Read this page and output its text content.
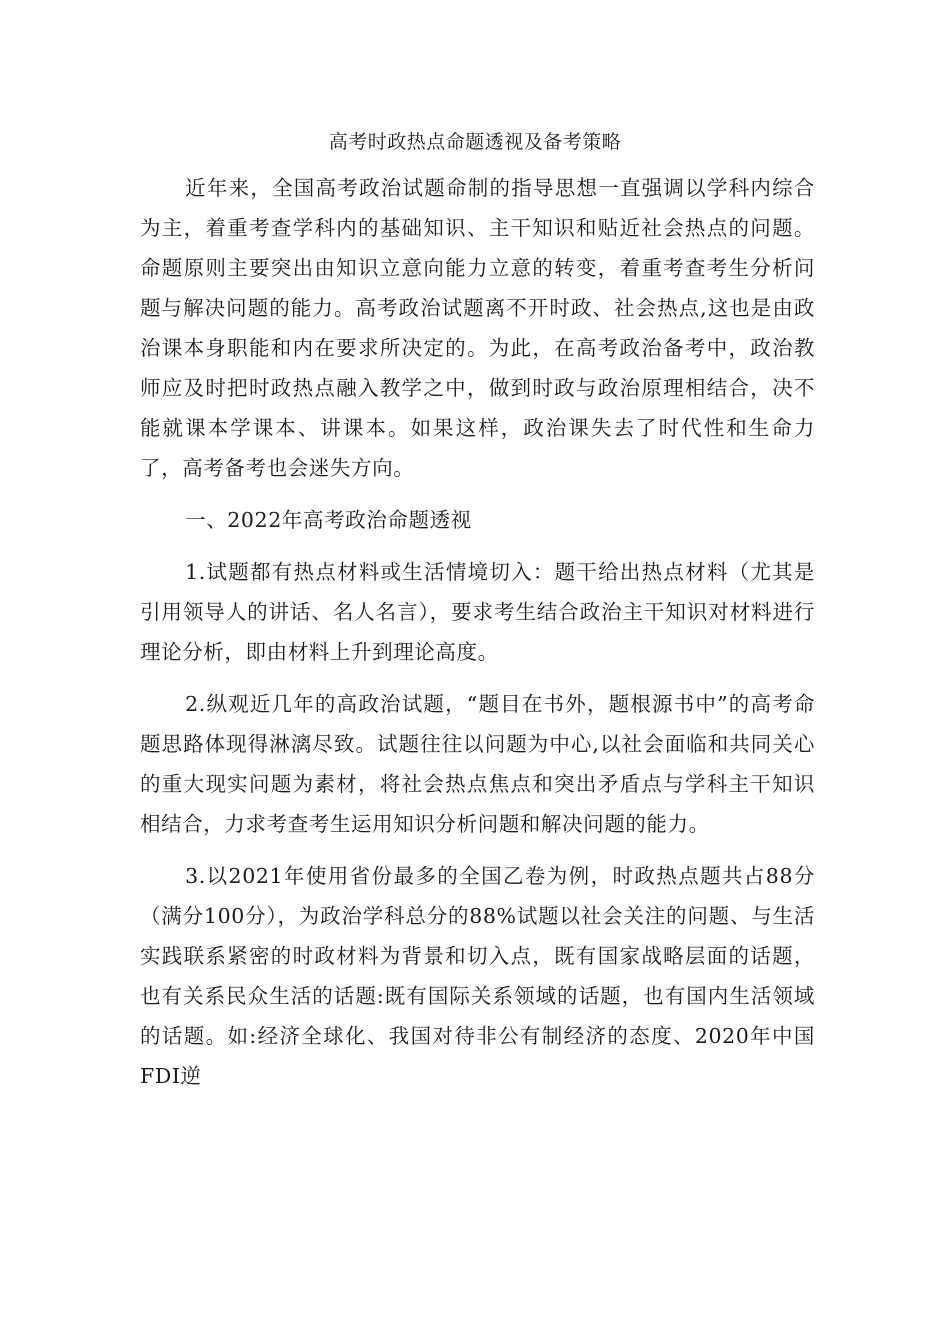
高考时政热点命题透视及备考策略

近年来，全国高考政治试题命制的指导思想一直强调以学科内综合为主，着重考查学科内的基础知识、主干知识和贴近社会热点的问题。命题原则主要突出由知识立意向能力立意的转变，着重考查考生分析问题与解决问题的能力。高考政治试题离不开时政、社会热点,这也是由政治课本身职能和内在要求所决定的。为此，在高考政治备考中，政治教师应及时把时政热点融入教学之中，做到时政与政治原理相结合，决不能就课本学课本、讲课本。如果这样，政治课失去了时代性和生命力了，高考备考也会迷失方向。

一、2022年高考政治命题透视

1.试题都有热点材料或生活情境切入：题干给出热点材料（尤其是引用领导人的讲话、名人名言），要求考生结合政治主干知识对材料进行理论分析，即由材料上升到理论高度。

2.纵观近几年的高政治试题，“题目在书外，题根源书中”的高考命题思路体现得淋漓尽致。试题往往以问题为中心,以社会面临和共同关心的重大现实问题为素材，将社会热点焦点和突出矛盾点与学科主干知识相结合，力求考查考生运用知识分析问题和解决问题的能力。

3.以2021年使用省份最多的全国乙卷为例，时政热点题共占88分（满分100分），为政治学科总分的88%试题以社会关注的问题、与生活实践联系紧密的时政材料为背景和切入点，既有国家战略层面的话题，也有关系民众生活的话题:既有国际关系领域的话题，也有国内生活领域的话题。如:经济全球化、我国对待非公有制经济的态度、2020年中国FDI逆
